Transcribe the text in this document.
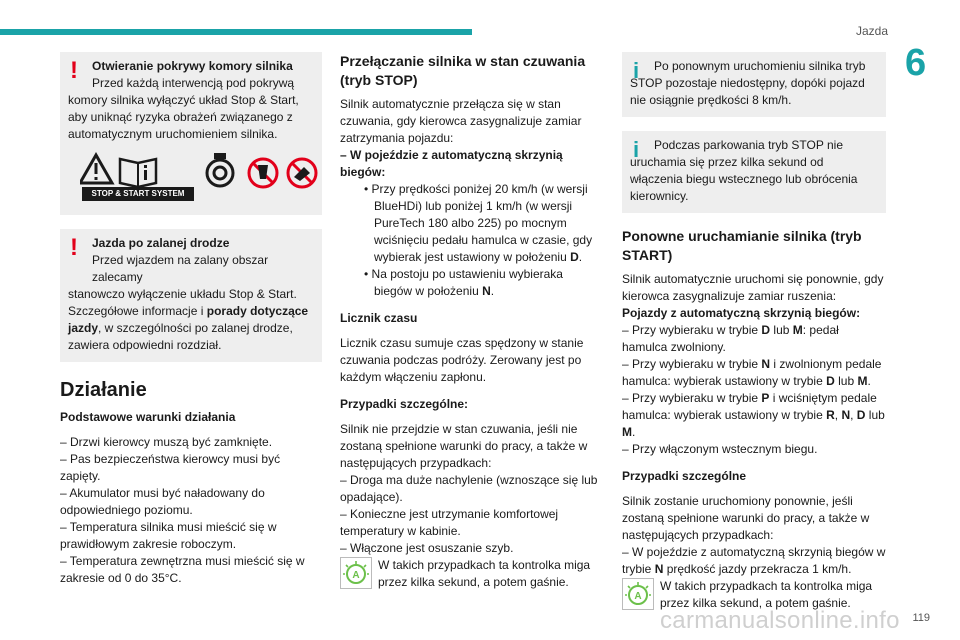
Jazda
6
!	Otwieranie pokrywy komory silnika

Przed każdą interwencją pod pokrywą

komory silnika wyłączyć układ Stop & Start, aby uniknąć ryzyka obrażeń związanego z automatycznym uruchomieniem silnika.

STOP & START SYSTEM
!	Jazda po zalanej drodze

Przed wjazdem na zalany obszar zalecamy

stanowczo wyłączenie układu Stop & Start. Szczegółowe informacje i porady dotyczące jazdy, w szczególności po zalanej drodze, zawiera odpowiedni rozdział.

Działanie
Podstawowe warunki działania

– Drzwi kierowcy muszą być zamknięte.

– Pas bezpieczeństwa kierowcy musi być zapięty.

– Akumulator musi być naładowany do odpowiedniego poziomu.

– Temperatura silnika musi mieścić się w prawidłowym zakresie roboczym.

– Temperatura zewnętrzna musi mieścić się w zakresie od 0 do 35°C.

Przełączanie silnika w stan czuwania (tryb STOP)

Silnik automatycznie przełącza się w stan czuwania, gdy kierowca zasygnalizuje zamiar zatrzymania pojazdu:

– W pojeździe z automatyczną skrzynią biegów:

• Przy prędkości poniżej 20 km/h (w wersji BlueHDi) lub poniżej 1 km/h (w wersji PureTech 180 albo 225) po mocnym wciśnięciu pedału hamulca w czasie, gdy wybierak jest ustawiony w położeniu D.

• Na postoju po ustawieniu wybieraka biegów w położeniu N.

Licznik czasu

Licznik czasu sumuje czas spędzony w stanie czuwania podczas podróży. Zerowany jest po każdym włączeniu zapłonu.

Przypadki szczególne:

Silnik nie przejdzie w stan czuwania, jeśli nie zostaną spełnione warunki do pracy, a także w następujących przypadkach:

– Droga ma duże nachylenie (wznoszące się lub opadające).

– Konieczne jest utrzymanie komfortowej temperatury w kabinie.

– Włączone jest osuszanie szyb.

A

W takich przypadkach ta kontrolka miga przez kilka sekund, a potem gaśnie.

i	Po ponownym uruchomieniu silnika tryb STOP pozostaje niedostępny, dopóki pojazd nie osiągnie prędkości 8 km/h.

i	Podczas parkowania tryb STOP nie uruchamia się przez kilka sekund od włączenia biegu wstecznego lub obrócenia kierownicy.

Ponowne uruchamianie silnika (tryb START)

Silnik automatycznie uruchomi się ponownie, gdy kierowca zasygnalizuje zamiar ruszenia:

Pojazdy z automatyczną skrzynią biegów:

– Przy wybieraku w trybie D lub M: pedał hamulca zwolniony.

– Przy wybieraku w trybie N i zwolnionym pedale hamulca: wybierak ustawiony w trybie D lub M.

– Przy wybieraku w trybie P i wciśniętym pedale hamulca: wybierak ustawiony w trybie R, N, D lub M.

– Przy włączonym wstecznym biegu.

Przypadki szczególne

Silnik zostanie uruchomiony ponownie, jeśli zostaną spełnione warunki do pracy, a także w następujących przypadkach:

– W pojeździe z automatyczną skrzynią biegów w trybie N prędkość jazdy przekracza 1 km/h.

A

W takich przypadkach ta kontrolka miga przez kilka sekund, a potem gaśnie.

carmanualsonline.info 119
